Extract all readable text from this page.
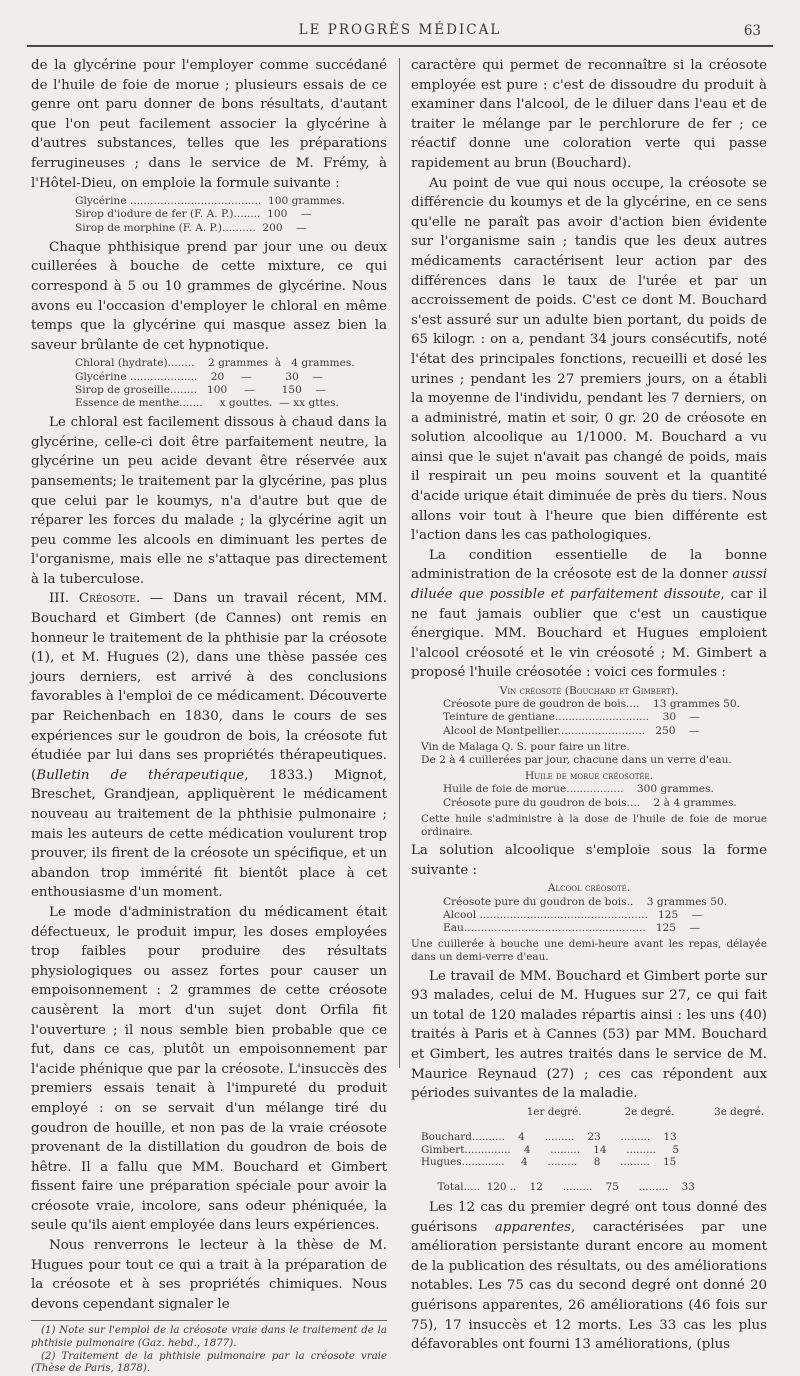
LE PROGRÈS MÉDICAL	63

de la glycérine pour l'employer comme succédané de l'huile de foie de morue ; plusieurs essais de ce genre ont paru donner de bons résultats, d'autant que l'on peut facilement associer la glycérine à d'autres substances, telles que les préparations ferrugineuses ; dans le service de M. Frémy, à l'Hôtel-Dieu, on emploie la formule suivante :

Glycérine .......................................  100 grammes.
Sirop d'iodure de fer (F. A. P.)........  100    —
Sirop de morphine (F. A. P.)..........  200    —

Chaque phthisique prend par jour une ou deux cuillerées à bouche de cette mixture, ce qui correspond à 5 ou 10 grammes de glycérine. Nous avons eu l'occasion d'employer le chloral en même temps que la glycérine qui masque assez bien la saveur brûlante de cet hypnotique.

Chloral (hydrate)........    2 grammes  à   4 grammes.
Glycérine ....................    20     —          30    —
Sirop de groseille........   100     —        150    —
Essence de menthe.......     x gouttes.  — xx gttes.

Le chloral est facilement dissous à chaud dans la glycérine, celle-ci doit être parfaitement neutre, la glycérine un peu acide devant être réservée aux pansements; le traitement par la glycérine, pas plus que celui par le koumys, n'a d'autre but que de réparer les forces du malade ; la glycérine agit un peu comme les alcools en diminuant les pertes de l'organisme, mais elle ne s'attaque pas directement à la tuberculose.

III. Créosote. — Dans un travail récent, MM. Bouchard et Gimbert (de Cannes) ont remis en honneur le traitement de la phthisie par la créosote (1), et M. Hugues (2), dans une thèse passée ces jours derniers, est arrivé à des conclusions favorables à l'emploi de ce médicament. Découverte par Reichenbach en 1830, dans le cours de ses expériences sur le goudron de bois, la créosote fut étudiée par lui dans ses propriétés thérapeutiques. (Bulletin de thérapeutique, 1833.) Mignot, Breschet, Grandjean, appliquèrent le médicament nouveau au traitement de la phthisie pulmonaire ; mais les auteurs de cette médication voulurent trop prouver, ils firent de la créosote un spécifique, et un abandon trop immérité fit bientôt place à cet enthousiasme d'un moment.

Le mode d'administration du médicament était défectueux, le produit impur, les doses employées trop faibles pour produire des résultats physiologiques ou assez fortes pour causer un empoisonnement : 2 grammes de cette créosote causèrent la mort d'un sujet dont Orfila fit l'ouverture ; il nous semble bien probable que ce fut, dans ce cas, plutôt un empoisonnement par l'acide phénique que par la créosote. L'insuccès des premiers essais tenait à l'impureté du produit employé : on se servait d'un mélange tiré du goudron de houille, et non pas de la vraie créosote provenant de la distillation du goudron de bois de hêtre. Il a fallu que MM. Bouchard et Gimbert fissent faire une préparation spéciale pour avoir la créosote vraie, incolore, sans odeur phéniquée, la seule qu'ils aient employée dans leurs expériences.

Nous renverrons le lecteur à la thèse de M. Hugues pour tout ce qui a trait à la préparation de la créosote et à ses propriétés chimiques. Nous devons cependant signaler le

(1) Note sur l'emploi de la créosote vraie dans le traitement de la phthisie pulmonaire (Gaz. hebd., 1877).
(2) Traitement de la phthisie pulmonaire par la créosote vraie (Thèse de Paris, 1878).

caractère qui permet de reconnaître si la créosote employée est pure : c'est de dissoudre du produit à examiner dans l'alcool, de le diluer dans l'eau et de traiter le mélange par le perchlorure de fer ; ce réactif donne une coloration verte qui passe rapidement au brun (Bouchard).

Au point de vue qui nous occupe, la créosote se différencie du koumys et de la glycérine, en ce sens qu'elle ne paraît pas avoir d'action bien évidente sur l'organisme sain ; tandis que les deux autres médicaments caractérisent leur action par des différences dans le taux de l'urée et par un accroissement de poids. C'est ce dont M. Bouchard s'est assuré sur un adulte bien portant, du poids de 65 kilogr. : on a, pendant 34 jours consécutifs, noté l'état des principales fonctions, recueilli et dosé les urines ; pendant les 27 premiers jours, on a établi la moyenne de l'individu, pendant les 7 derniers, on a administré, matin et soir, 0 gr. 20 de créosote en solution alcoolique au 1/1000. M. Bouchard a vu ainsi que le sujet n'avait pas changé de poids, mais il respirait un peu moins souvent et la quantité d'acide urique était diminuée de près du tiers. Nous allons voir tout à l'heure que bien différente est l'action dans les cas pathologiques.

La condition essentielle de la bonne administration de la créosote est de la donner aussi diluée que possible et parfaitement dissoute, car il ne faut jamais oublier que c'est un caustique énergique. MM. Bouchard et Hugues emploient l'alcool créosoté et le vin créosoté ; M. Gimbert a proposé l'huile créosotée : voici ces formules :

Vin créosoté (Bouchard et Gimbert).
Créosote pure de goudron de bois....    13 grammes 50.
Teinture de gentiane............................    30    —
Alcool de Montpellier..........................   250    —
Vin de Malaga Q. S. pour faire un litre.
De 2 à 4 cuillerées par jour, chacune dans un verre d'eau.
Huile de morue créosotée.
Huile de foie de morue.................    300 grammes.
Créosote pure du goudron de bois....    2 à 4 grammes.
Cette huile s'administre à la dose de l'huile de foie de morue ordinaire.

La solution alcoolique s'emploie sous la forme suivante :

Alcool créosoté.
Créosote pure du goudron de bois..    3 grammes 50.
Alcool ..................................................   125    —
Eau......................................................   125    —
Une cuillerée à bouche une demi-heure avant les repas, délayée dans un demi-verre d'eau.

Le travail de MM. Bouchard et Gimbert porte sur 93 malades, celui de M. Hugues sur 27, ce qui fait un total de 120 malades répartis ainsi : les uns (40) traités à Paris et à Cannes (53) par MM. Bouchard et Gimbert, les autres traités dans le service de M. Maurice Reynaud (27) ; ces cas répondent aux périodes suivantes de la maladie.

1er degré.             2e degré.            3e degré.

Bouchard..........    4      .........    23      .........    13
Gimbert..............    4      .........    14      .........     5
Hugues.............     4      .........     8      .........    15

Total.....  120 ..    12      .........    75      .........    33

Les 12 cas du premier degré ont tous donné des guérisons apparentes, caractérisées par une amélioration persistante durant encore au moment de la publication des résultats, ou des améliorations notables. Les 75 cas du second degré ont donné 20 guérisons apparentes, 26 améliorations (46 fois sur 75), 17 insuccès et 12 morts. Les 33 cas les plus défavorables ont fourni 13 améliorations, (plus
